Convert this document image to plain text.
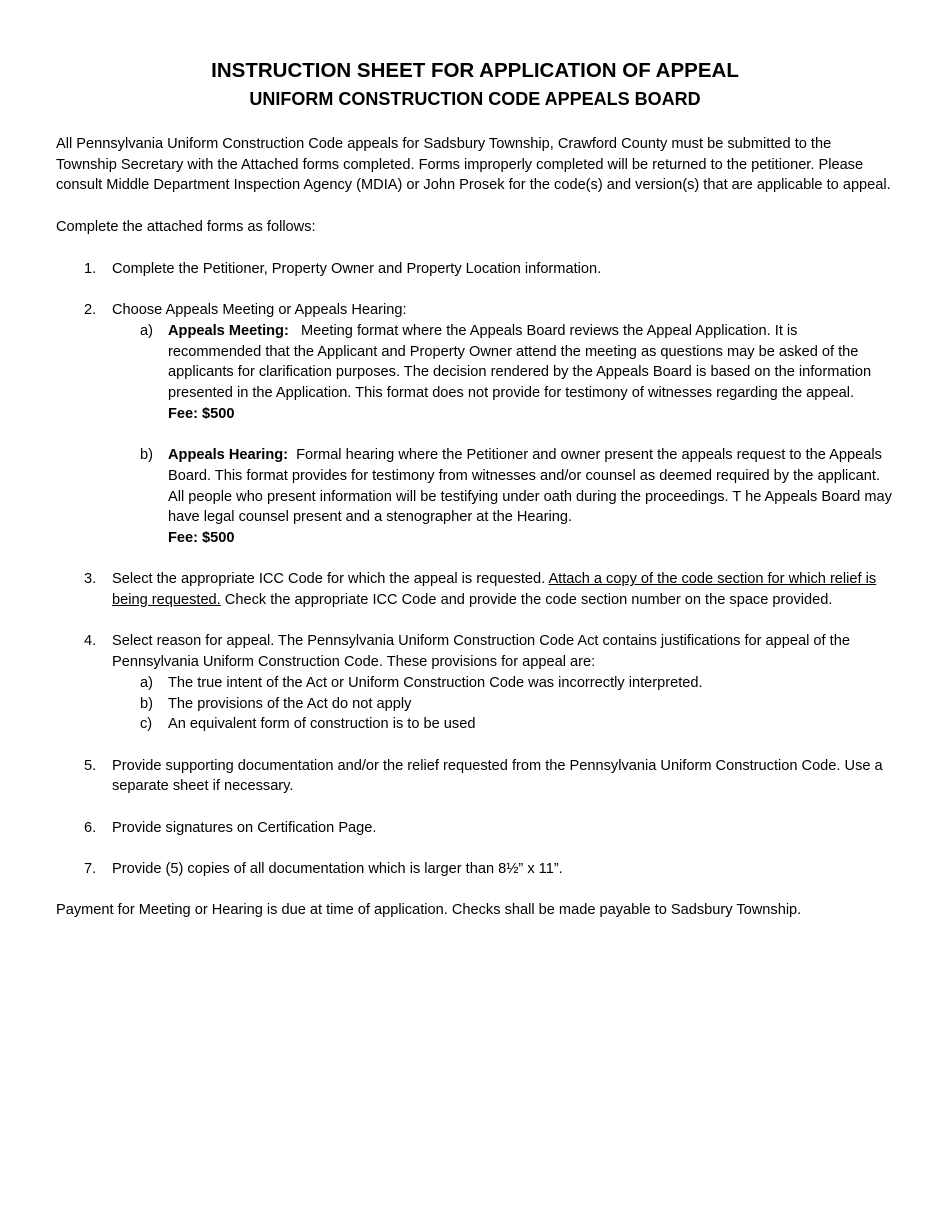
INSTRUCTION SHEET FOR APPLICATION OF APPEAL
UNIFORM CONSTRUCTION CODE APPEALS BOARD

All Pennsylvania Uniform Construction Code appeals for Sadsbury Township, Crawford County must be submitted to the Township Secretary with the Attached forms completed. Forms improperly completed will be returned to the petitioner. Please consult Middle Department Inspection Agency (MDIA) or John Prosek for the code(s) and version(s) that are applicable to appeal.

Complete the attached forms as follows:

1. Complete the Petitioner, Property Owner and Property Location information.
2. Choose Appeals Meeting or Appeals Hearing:
a) Appeals Meeting: Meeting format where the Appeals Board reviews the Appeal Application. It is recommended that the Applicant and Property Owner attend the meeting as questions may be asked of the applicants for clarification purposes. The decision rendered by the Appeals Board is based on the information presented in the Application. This format does not provide for testimony of witnesses regarding the appeal.
Fee: $500
b) Appeals Hearing: Formal hearing where the Petitioner and owner present the appeals request to the Appeals Board. This format provides for testimony from witnesses and/or counsel as deemed required by the applicant. All people who present information will be testifying under oath during the proceedings. T he Appeals Board may have legal counsel present and a stenographer at the Hearing.
Fee: $500
3. Select the appropriate ICC Code for which the appeal is requested. Attach a copy of the code section for which relief is being requested. Check the appropriate ICC Code and provide the code section number on the space provided.
4. Select reason for appeal. The Pennsylvania Uniform Construction Code Act contains justifications for appeal of the Pennsylvania Uniform Construction Code. These provisions for appeal are:
a) The true intent of the Act or Uniform Construction Code was incorrectly interpreted.
b) The provisions of the Act do not apply
c) An equivalent form of construction is to be used
5. Provide supporting documentation and/or the relief requested from the Pennsylvania Uniform Construction Code. Use a separate sheet if necessary.
6. Provide signatures on Certification Page.
7. Provide (5) copies of all documentation which is larger than 8½” x 11”.

Payment for Meeting or Hearing is due at time of application. Checks shall be made payable to Sadsbury Township.
